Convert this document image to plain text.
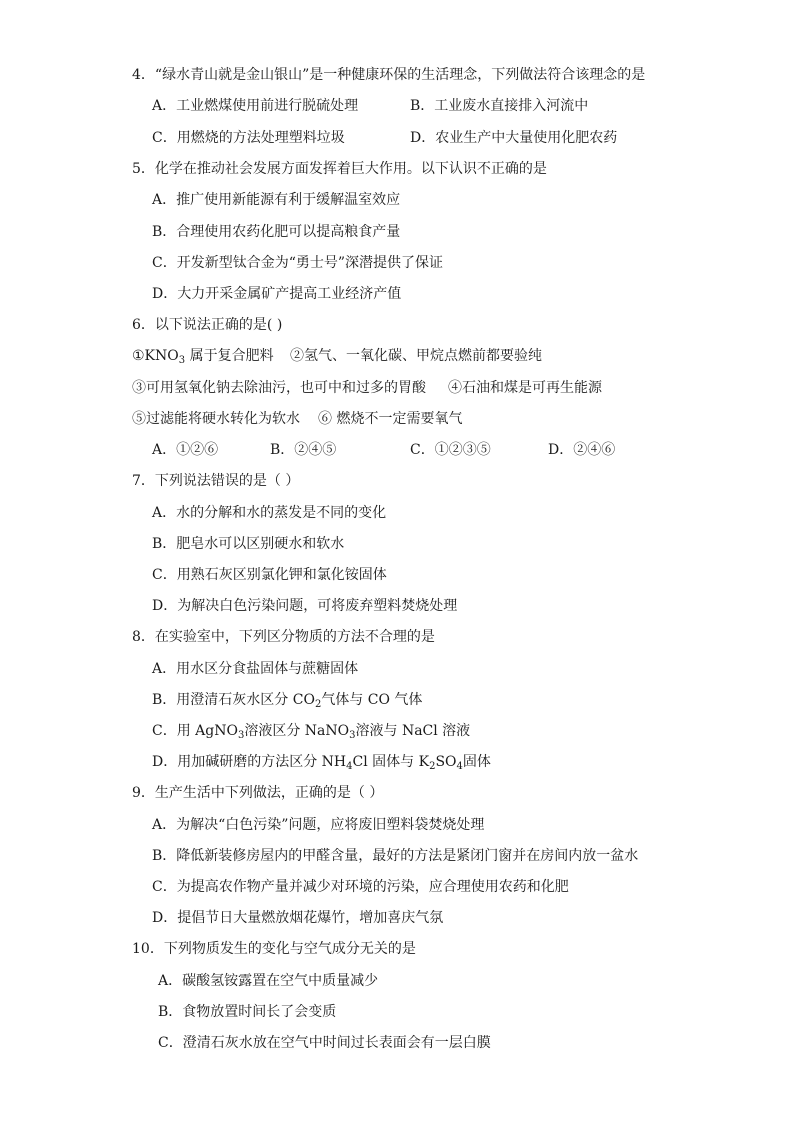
4．“绿水青山就是金山银山”是一种健康环保的生活理念，下列做法符合该理念的是
A．工业燃煤使用前进行脱硫处理	B．工业废水直接排入河流中
C．用燃烧的方法处理塑料垃圾	D．农业生产中大量使用化肥农药
5．化学在推动社会发展方面发挥着巨大作用。以下认识不正确的是
A．推广使用新能源有利于缓解温室效应
B．合理使用农药化肥可以提高粮食产量
C．开发新型钛合金为“勇士号”深潜提供了保证
D．大力开采金属矿产提高工业经济产值
6．以下说法正确的是( )
$①KNO_3$ 属于复合肥料 ②氢气、一氧化碳、甲烷点燃前都要验纯
③可用氢氧化钠去除油污，也可中和过多的胃酸 ④石油和煤是可再生能源
⑤过滤能将硬水转化为软水 ⑥ 燃烧不一定需要氧气
A．①②⑥	B．②④⑤	C．①②③⑤	D．②④⑥
7．下列说法错误的是（ ）
A．水的分解和水的蒸发是不同的变化
B．肥皂水可以区别硬水和软水
C．用熟石灰区别氯化钾和氯化铵固体
D．为解决白色污染问题，可将废弃塑料焚烧处理
8．在实验室中，下列区分物质的方法不合理的是
A．用水区分食盐固体与蔗糖固体
B．用澄清石灰水区分 $CO_2$气体与 CO 气体
C．用 AgNO$_3$溶液区分 NaNO$_3$溶液与 NaCl 溶液
D．用加碱研磨的方法区分 $NH_4Cl$ 固体与 $K_2SO_4$固体
9．生产生活中下列做法，正确的是（ ）
A．为解决“白色污染”问题，应将废旧塑料袋焚烧处理
B．降低新装修房屋内的甲醛含量，最好的方法是紧闭门窗并在房间内放一盆水
C．为提高农作物产量并减少对环境的污染，应合理使用农药和化肥
D．提倡节日大量燃放烟花爆竹，增加喜庆气氛
10．下列物质发生的变化与空气成分无关的是
A．碳酸氢铵露置在空气中质量减少
B．食物放置时间长了会变质
C．澄清石灰水放在空气中时间过长表面会有一层白膜
